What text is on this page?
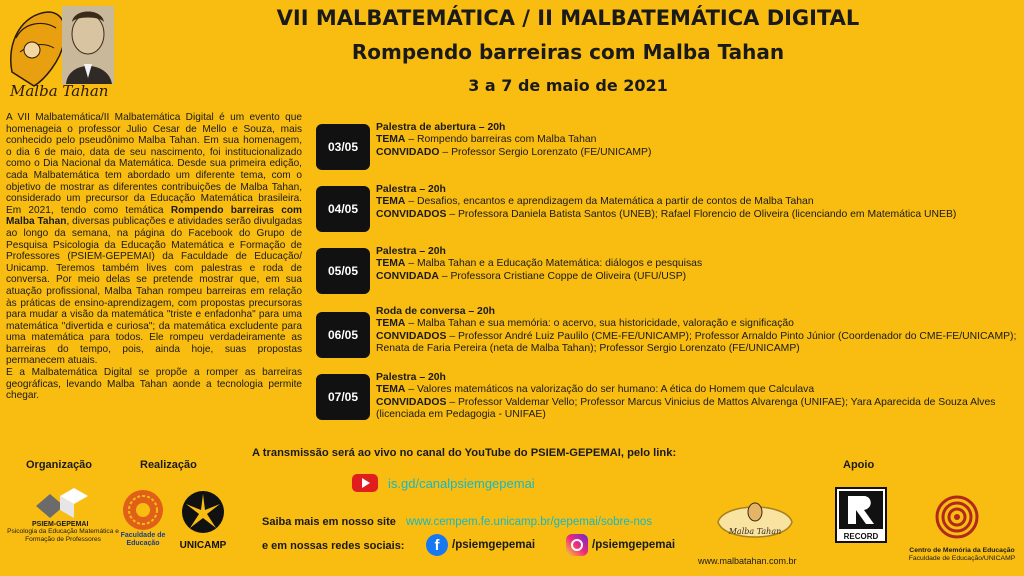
Malba Tahan
VII MALBATEMÁTICA / II MALBATEMÁTICA DIGITAL
Rompendo barreiras com Malba Tahan
3 a 7 de maio de 2021

A VII Malbatemática/II Malbatemática Digital é um evento que homenageia o professor Julio Cesar de Mello e Souza, mais conhecido pelo pseudônimo Malba Tahan. Em sua homenagem, o dia 6 de maio, data de seu nascimento, foi institucionalizado como o Dia Nacional da Matemática. Desde sua primeira edição, cada Malbatemática tem abordado um diferente tema, com o objetivo de mostrar as diferentes contribuições de Malba Tahan, considerado um precursor da Educação Matemática brasileira. Em 2021, tendo como temática Rompendo barreiras com Malba Tahan, diversas publicações e atividades serão divulgadas ao longo da semana, na página do Facebook do Grupo de Pesquisa Psicologia da Educação Matemática e Formação de Professores (PSIEM-GEPEMAI) da Faculdade de Educação/ Unicamp. Teremos também lives com palestras e roda de conversa. Por meio delas se pretende mostrar que, em sua atuação profissional, Malba Tahan rompeu barreiras em relação às práticas de ensino-aprendizagem, com propostas precursoras para mudar a visão da matemática "triste e enfadonha" para uma matemática "divertida e curiosa"; da matemática excludente para uma matemática para todos. Ele rompeu verdadeiramente as barreiras do tempo, pois, ainda hoje, suas propostas permanecem atuais.

E a Malbatemática Digital se propõe a romper as barreiras geográficas, levando Malba Tahan aonde a tecnologia permite chegar.

03/05
Palestra de abertura – 20h
TEMA – Rompendo barreiras com Malba Tahan
CONVIDADO – Professor Sergio Lorenzato (FE/UNICAMP)
04/05
Palestra – 20h
TEMA – Desafios, encantos e aprendizagem da Matemática a partir de contos de Malba Tahan
CONVIDADOS – Professora Daniela Batista Santos (UNEB); Rafael Florencio de Oliveira (licenciando em Matemática UNEB)
05/05
Palestra – 20h
TEMA – Malba Tahan e a Educação Matemática: diálogos e pesquisas
CONVIDADA – Professora Cristiane Coppe de Oliveira (UFU/USP)
06/05
Roda de conversa – 20h
TEMA – Malba Tahan e sua memória: o acervo, sua historicidade, valoração e significação
CONVIDADOS – Professor André Luiz Paulilo (CME-FE/UNICAMP); Professor Arnaldo Pinto Júnior (Coordenador do CME-FE/UNICAMP); Renata de Faria Pereira (neta de Malba Tahan); Professor Sergio Lorenzato (FE/UNICAMP)
07/05
Palestra – 20h
TEMA – Valores matemáticos na valorização do ser humano: A ética do Homem que Calculava
CONVIDADOS – Professor Valdemar Vello; Professor Marcus Vinicius de Mattos Alvarenga (UNIFAE); Yara Aparecida de Souza Alves (licenciada em Pedagogia - UNIFAE)
A transmissão será ao vivo no canal do YouTube do PSIEM-GEPEMAI, pelo link:
is.gd/canalpsiemgepemai
Saiba mais em nosso site www.cempem.fe.unicamp.br/gepemai/sobre-nos
e em nossas redes sociais:	f	/psiemgepemai	/psiemgepemai
Organização	Realização	Apoio
PSIEM-GEPEMAI
Psicologia da Educação Matemática e Formação de Professores
Faculdade de
Educação UNICAMP
Malba Tahan
www.malbatahan.com.br
RECORD
Centro de Memória da Educação
Faculdade de Educação/UNICAMP
